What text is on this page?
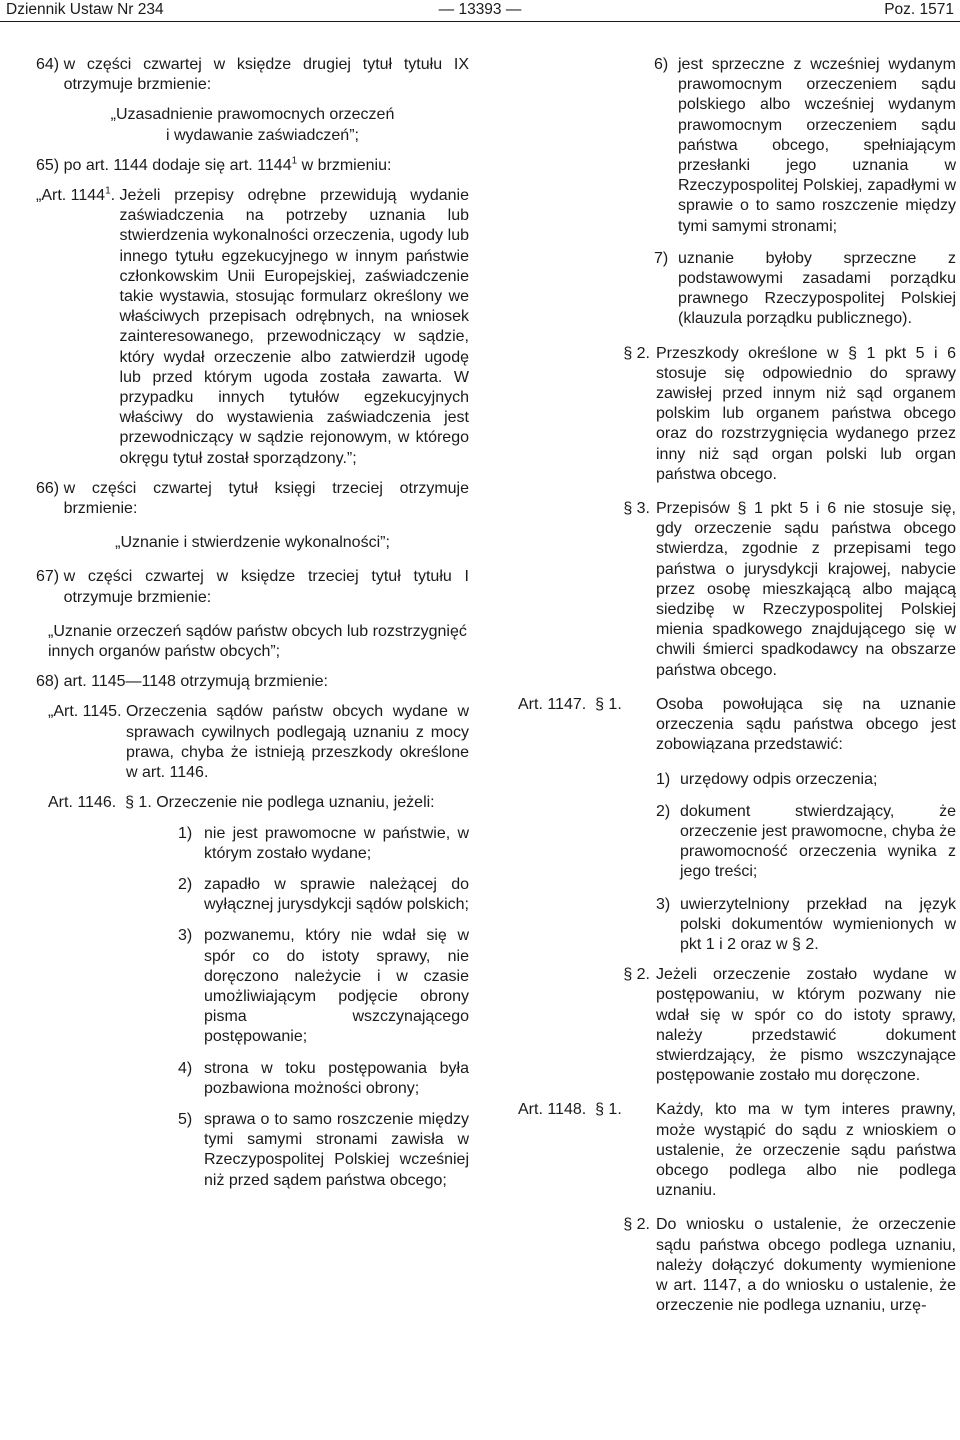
Dziennik Ustaw Nr 234	— 13393 —	Poz. 1571
64)
w części czwartej w księdze drugiej tytuł tytułu IX otrzymuje brzmienie:
„Uzasadnienie prawomocnych orzeczeń
i wydawanie zaświadczeń”;
65)
po art. 1144 dodaje się art. 1144$^1$ w brzmieniu:
„Art. 1144$^1$. Jeżeli przepisy odrębne przewidują wydanie zaświadczenia na potrzeby uznania lub stwierdzenia wykonalności orzeczenia, ugody lub innego tytułu egzekucyjnego w innym państwie członkowskim Unii Europejskiej, zaświadczenie takie wystawia, stosując formularz określony we właściwych przepisach odrębnych, na wniosek zainteresowanego, przewodniczący w sądzie, który wydał orzeczenie albo zatwierdził ugodę lub przed którym ugoda została zawarta. W przypadku innych tytułów egzekucyjnych właściwy do wystawienia zaświadczenia jest przewodniczący w sądzie rejonowym, w którego okręgu tytuł został sporządzony.”;
66)
w części czwartej tytuł księgi trzeciej otrzymuje brzmienie:
„Uznanie i stwierdzenie wykonalności”;
67)
w części czwartej w księdze trzeciej tytuł tytułu I otrzymuje brzmienie:
„Uznanie orzeczeń sądów państw obcych lub rozstrzygnięć innych organów państw obcych”;
68)
art. 1145—1148 otrzymują brzmienie:
„Art. 1145.
Orzeczenia sądów państw obcych wydane w sprawach cywilnych podlegają uznaniu z mocy prawa, chyba że istnieją przeszkody określone w art. 1146.
Art. 1146.  § 1.
Orzeczenie nie podlega uznaniu, jeżeli:
1) nie jest prawomocne w państwie, w którym zostało wydane;
2) zapadło w sprawie należącej do wyłącznej jurysdykcji sądów polskich;
3) pozwanemu, który nie wdał się w spór co do istoty sprawy, nie doręczono należycie i w czasie umożliwiającym podjęcie obrony pisma wszczynającego postępowanie;
4) strona w toku postępowania była pozbawiona możności obrony;
5) sprawa o to samo roszczenie między tymi samymi stronami zawisła w Rzeczypospolitej Polskiej wcześniej niż przed sądem państwa obcego;
6) jest sprzeczne z wcześniej wydanym prawomocnym orzeczeniem sądu polskiego albo wcześniej wydanym prawomocnym orzeczeniem sądu państwa obcego, spełniającym przesłanki jego uznania w Rzeczypospolitej Polskiej, zapadłymi w sprawie o to samo roszczenie między tymi samymi stronami;
7) uznanie byłoby sprzeczne z podstawowymi zasadami porządku prawnego Rzeczypospolitej Polskiej (klauzula porządku publicznego).
§ 2. Przeszkody określone w § 1 pkt 5 i 6 stosuje się odpowiednio do sprawy zawisłej przed innym niż sąd organem polskim lub organem państwa obcego oraz do rozstrzygnięcia wydanego przez inny niż sąd organ polski lub organ państwa obcego.
§ 3. Przepisów § 1 pkt 5 i 6 nie stosuje się, gdy orzeczenie sądu państwa obcego stwierdza, zgodnie z przepisami tego państwa o jurysdykcji krajowej, nabycie przez osobę mieszkającą albo mającą siedzibę w Rzeczypospolitej Polskiej mienia spadkowego znajdującego się w chwili śmierci spadkodawcy na obszarze państwa obcego.
Art. 1147.  § 1.	Osoba powołująca się na uznanie orzeczenia sądu państwa obcego jest zobowiązana przedstawić:
1) urzędowy odpis orzeczenia;
2) dokument stwierdzający, że orzeczenie jest prawomocne, chyba że prawomocność orzeczenia wynika z jego treści;
3) uwierzytelniony przekład na język polski dokumentów wymienionych w pkt 1 i 2 oraz w § 2.
§ 2. Jeżeli orzeczenie zostało wydane w postępowaniu, w którym pozwany nie wdał się w spór co do istoty sprawy, należy przedstawić dokument stwierdzający, że pismo wszczynające postępowanie zostało mu doręczone.
Art. 1148.  § 1.	Każdy, kto ma w tym interes prawny, może wystąpić do sądu z wnioskiem o ustalenie, że orzeczenie sądu państwa obcego podlega albo nie podlega uznaniu.
§ 2. Do wniosku o ustalenie, że orzeczenie sądu państwa obcego podlega uznaniu, należy dołączyć dokumenty wymienione w art. 1147, a do wniosku o ustalenie, że orzeczenie nie podlega uznaniu, urzę-
